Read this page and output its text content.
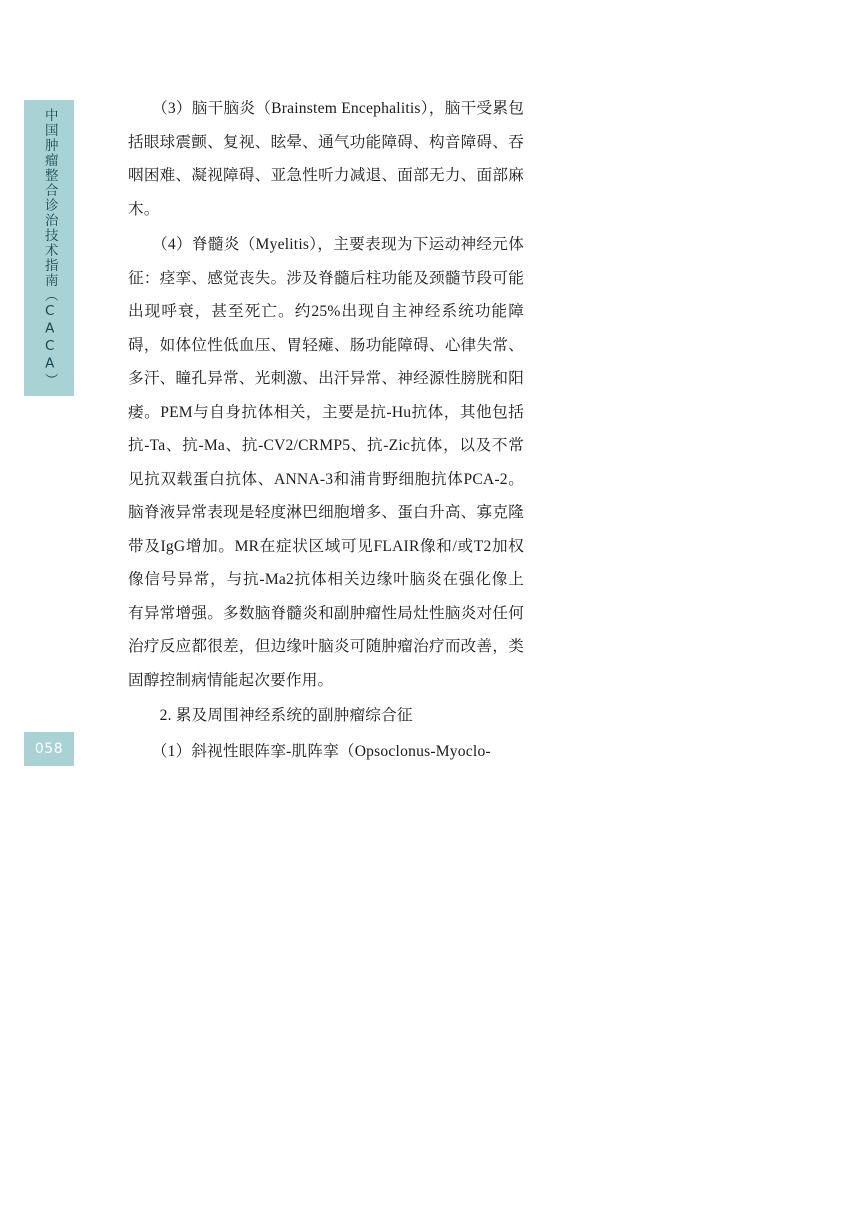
中国肿瘤整合诊治技术指南（CACA）
058

　　（3）脑干脑炎（Brainstem Encephalitis），脑干受累包括眼球震颤、复视、眩晕、通气功能障碍、构音障碍、吞咽困难、凝视障碍、亚急性听力减退、面部无力、面部麻木。

　　（4）脊髓炎（Myelitis），主要表现为下运动神经元体征：痉挛、感觉丧失。涉及脊髓后柱功能及颈髓节段可能出现呼衰，甚至死亡。约25%出现自主神经系统功能障碍，如体位性低血压、胃轻瘫、肠功能障碍、心律失常、多汗、瞳孔异常、光刺激、出汗异常、神经源性膀胱和阳痿。PEM与自身抗体相关，主要是抗-Hu抗体，其他包括抗-Ta、抗-Ma、抗-CV2/CRMP5、抗-Zic抗体，以及不常见抗双载蛋白抗体、ANNA-3和浦肯野细胞抗体PCA-2。脑脊液异常表现是轻度淋巴细胞增多、蛋白升高、寡克隆带及IgG增加。MR在症状区域可见FLAIR像和/或T2加权像信号异常，与抗-Ma2抗体相关边缘叶脑炎在强化像上有异常增强。多数脑脊髓炎和副肿瘤性局灶性脑炎对任何治疗反应都很差，但边缘叶脑炎可随肿瘤治疗而改善，类固醇控制病情能起次要作用。

　　2. 累及周围神经系统的副肿瘤综合征

　　（1）斜视性眼阵挛-肌阵挛（Opsoclonus-Myoclo-
